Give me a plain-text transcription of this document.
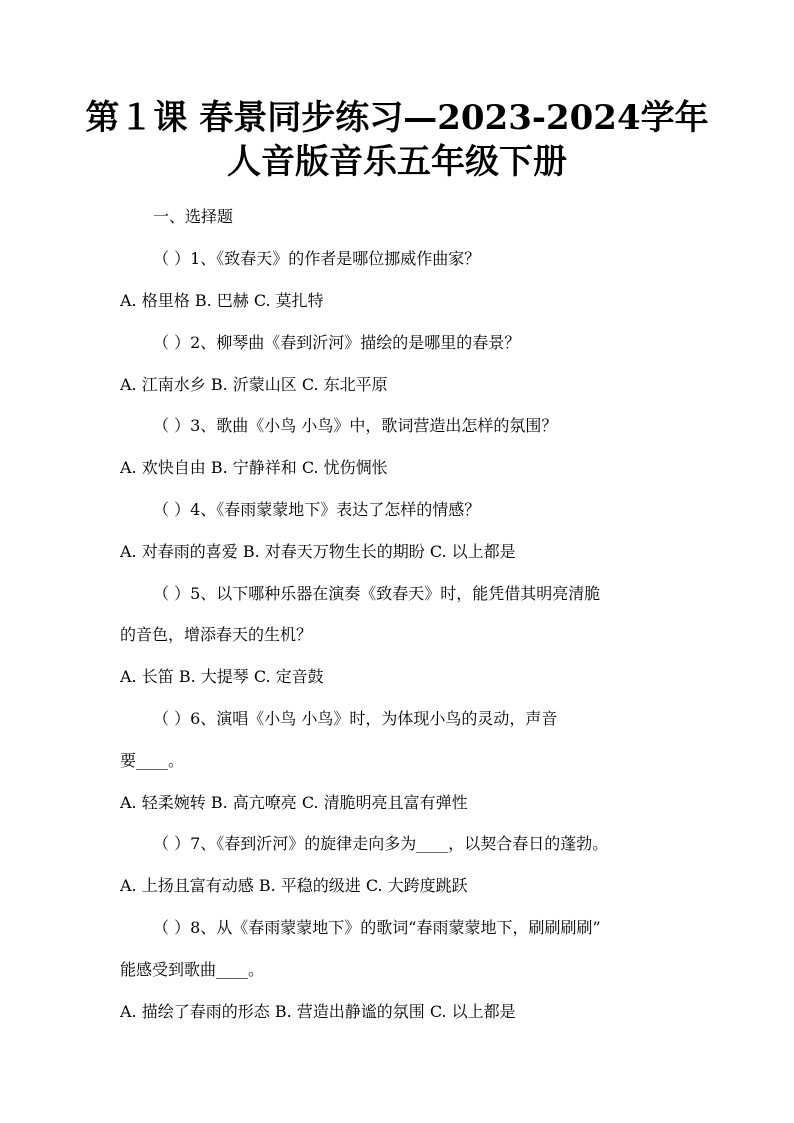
第１课 春景同步练习—2023-2024学年
人音版音乐五年级下册
一、选择题
（ ）1、《致春天》的作者是哪位挪威作曲家？
A. 格里格 B. 巴赫 C. 莫扎特
（ ）2、柳琴曲《春到沂河》描绘的是哪里的春景？
A. 江南水乡 B. 沂蒙山区 C. 东北平原
（ ）3、歌曲《小鸟 小鸟》中，歌词营造出怎样的氛围？
A. 欢快自由 B. 宁静祥和 C. 忧伤惆怅
（ ）4、《春雨蒙蒙地下》表达了怎样的情感？
A. 对春雨的喜爱 B. 对春天万物生长的期盼 C. 以上都是
（ ）5、以下哪种乐器在演奏《致春天》时，能凭借其明亮清脆
的音色，增添春天的生机？
A. 长笛 B. 大提琴 C. 定音鼓
（ ）6、演唱《小鸟 小鸟》时，为体现小鸟的灵动，声音
要____。
A. 轻柔婉转 B. 高亢嘹亮 C. 清脆明亮且富有弹性
（ ）7、《春到沂河》的旋律走向多为____，以契合春日的蓬勃。
A. 上扬且富有动感 B. 平稳的级进 C. 大跨度跳跃
（ ）8、从《春雨蒙蒙地下》的歌词“春雨蒙蒙地下，刷刷刷刷”
能感受到歌曲____。
A. 描绘了春雨的形态 B. 营造出静谧的氛围 C. 以上都是
